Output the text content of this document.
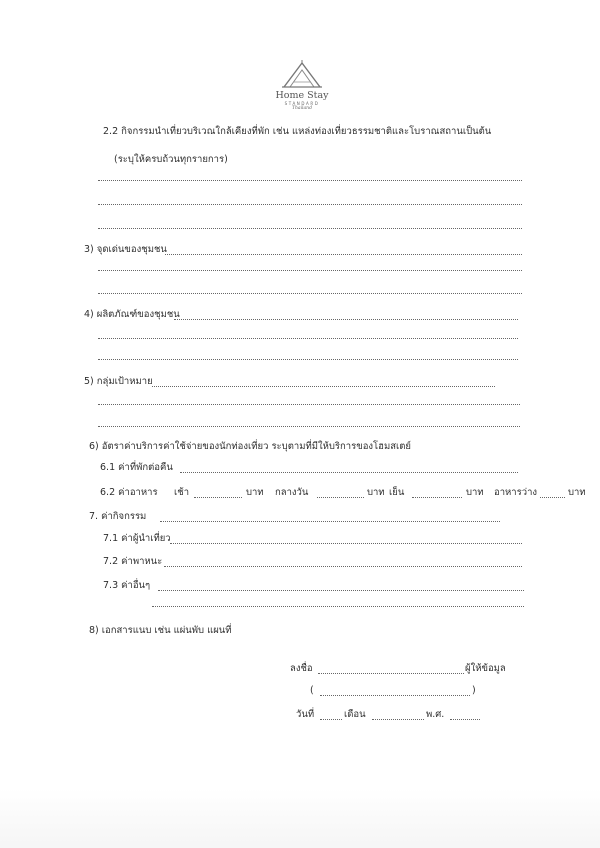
Home Stay
STANDARD
Thailand
2.2 กิจกรรมนำเที่ยวบริเวณใกล้เคียงที่พัก เช่น แหล่งท่องเที่ยวธรรมชาติและโบราณสถานเป็นต้น
(ระบุให้ครบถ้วนทุกรายการ)
3) จุดเด่นของชุมชน
4) ผลิตภัณฑ์ของชุมชน
5) กลุ่มเป้าหมาย
6) อัตราค่าบริการค่าใช้จ่ายของนักท่องเที่ยว ระบุตามที่มีให้บริการของโฮมสเตย์
6.1 ค่าที่พักต่อคืน
6.2 ค่าอาหาร เช้า	บาท กลางวัน	บาท เย็น	บาท อาหารว่าง	บาท
7. ค่ากิจกรรม
7.1 ค่าผู้นำเที่ยว
7.2 ค่าพาหนะ
7.3 ค่าอื่นๆ
8) เอกสารแนบ เช่น แผ่นพับ แผนที่
ลงชื่อ	ผู้ให้ข้อมูล
(	)
วันที่	เดือน	พ.ศ.
